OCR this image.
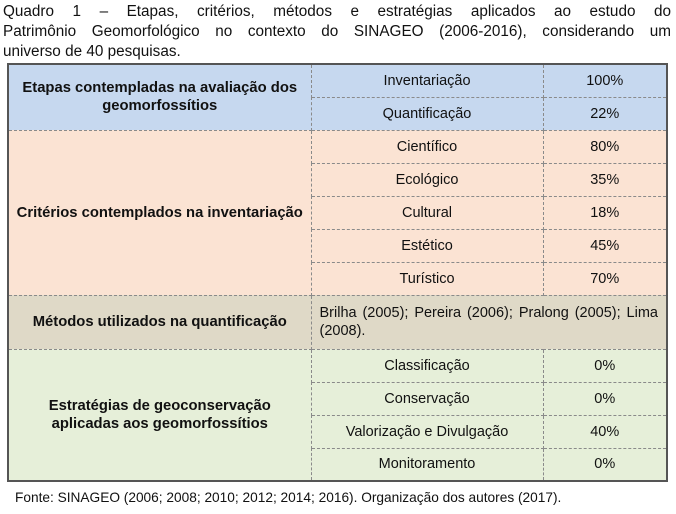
Quadro 1 – Etapas, critérios, métodos e estratégias aplicados ao estudo do
Patrimônio Geomorfológico no contexto do SINAGEO (2006-2016), considerando um
universo de 40 pesquisas.
Etapas contempladas na avaliação dos geomorfossítios	Inventariação	100%
	Quantificação	22%
Critérios contemplados na inventariação	Científico	80%
	Ecológico	35%
	Cultural	18%
	Estético	45%
	Turístico	70%
Métodos utilizados na quantificação	Brilha (2005); Pereira (2006); Pralong (2005); Lima (2008).	
Estratégias de geoconservação aplicadas aos geomorfossítios	Classificação	0%
	Conservação	0%
	Valorização e Divulgação	40%
	Monitoramento	0%
Fonte: SINAGEO (2006; 2008; 2010; 2012; 2014; 2016). Organização dos autores (2017).
